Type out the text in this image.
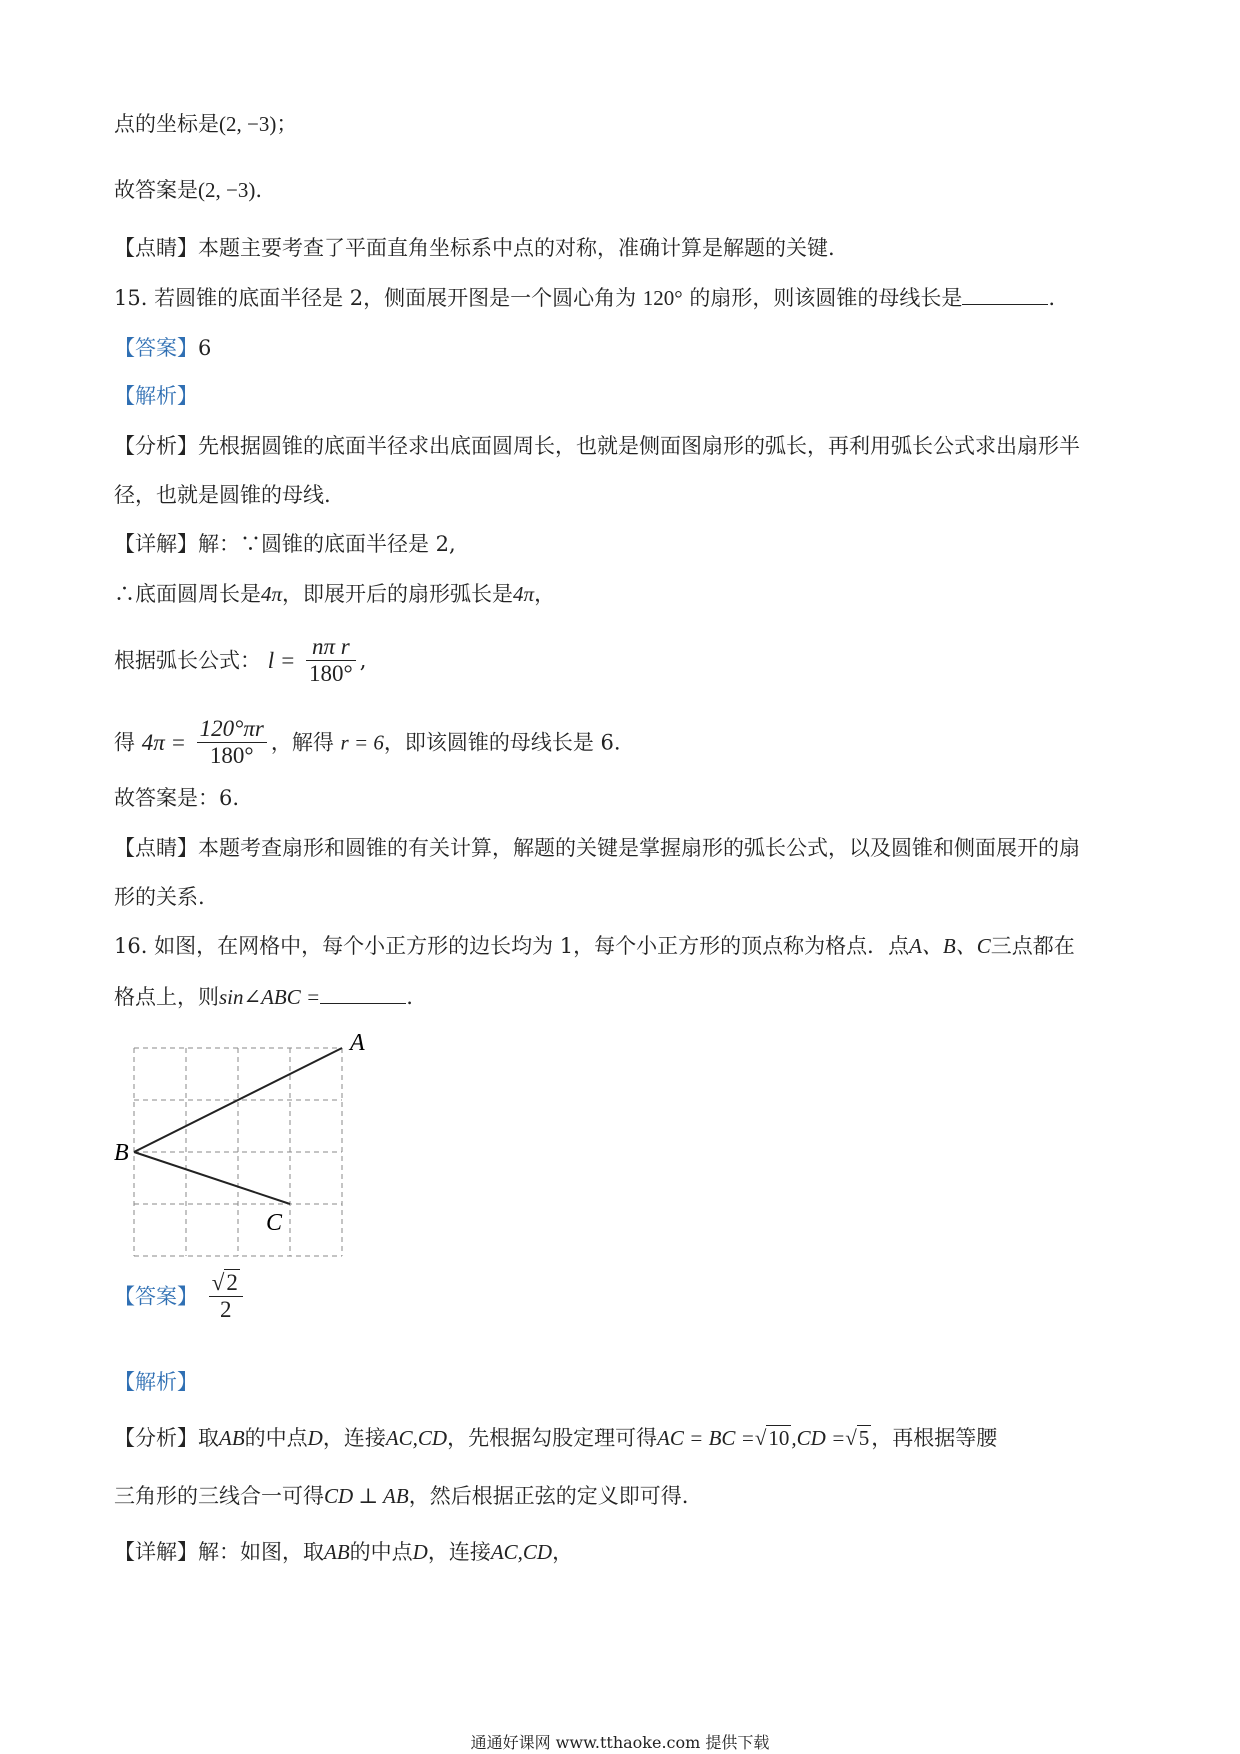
点的坐标是(2, −3)；
故答案是(2, −3).
【点睛】本题主要考查了平面直角坐标系中点的对称，准确计算是解题的关键.
15. 若圆锥的底面半径是 2，侧面展开图是一个圆心角为 120° 的扇形，则该圆锥的母线长是	.
【答案】6
【解析】
【分析】先根据圆锥的底面半径求出底面圆周长，也就是侧面图扇形的弧长，再利用弧长公式求出扇形半
径，也就是圆锥的母线.
【详解】解：∵圆锥的底面半径是 2,
∴底面圆周长是4π，即展开后的扇形弧长是4π，
根据弧长公式： $l = \frac{\text{nπ r}}{180^\circ}$ ,
得 $4\pi = \frac{120^\circ\pi r}{180^\circ}$ ，解得 r = 6，即该圆锥的母线长是 6.
故答案是：6.
【点睛】本题考查扇形和圆锥的有关计算，解题的关键是掌握扇形的弧长公式，以及圆锥和侧面展开的扇
形的关系.
16. 如图，在网格中，每个小正方形的边长均为 1，每个小正方形的顶点称为格点．点A、B、C三点都在
格点上，则sin∠ABC =	.
A
B
C
【答案】 $\frac{√2}{2}$
【解析】
【分析】取AB的中点D，连接AC,CD，先根据勾股定理可得AC = BC =√10,CD =√5，再根据等腰
三角形的三线合一可得CD ⊥ AB，然后根据正弦的定义即可得.
【详解】解：如图，取AB的中点D，连接AC,CD，
通通好课网 www.tthaoke.com 提供下载
